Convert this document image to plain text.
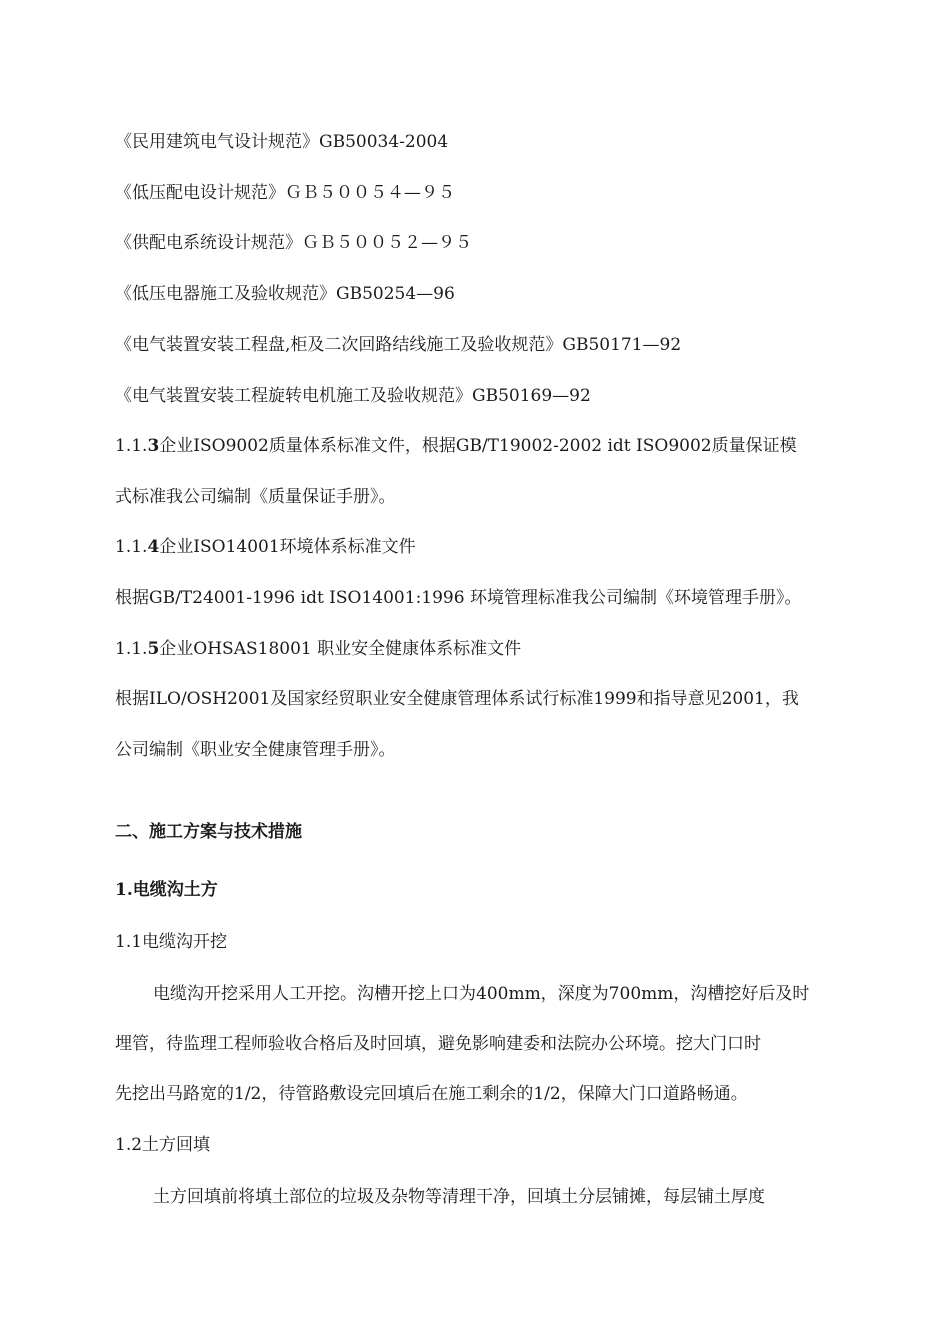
《民用建筑电气设计规范》GB50034-2004
《低压配电设计规范》ＧＢ５００５４—９５
《供配电系统设计规范》ＧＢ５００５２—９５
《低压电器施工及验收规范》GB50254—96
《电气装置安装工程盘,柜及二次回路结线施工及验收规范》GB50171—92
《电气装置安装工程旋转电机施工及验收规范》GB50169—92
1.1.3企业ISO9002质量体系标准文件，根据GB/T19002-2002 idt ISO9002质量保证模
式标准我公司编制《质量保证手册》。
1.1.4企业ISO14001环境体系标准文件
根据GB/T24001-1996 idt ISO14001:1996 环境管理标准我公司编制《环境管理手册》。
1.1.5企业OHSAS18001 职业安全健康体系标准文件
根据ILO/OSH2001及国家经贸职业安全健康管理体系试行标准1999和指导意见2001，我
公司编制《职业安全健康管理手册》。
二、施工方案与技术措施
1.电缆沟土方
1.1电缆沟开挖
电缆沟开挖采用人工开挖。沟槽开挖上口为400mm，深度为700mm，沟槽挖好后及时
埋管，待监理工程师验收合格后及时回填，避免影响建委和法院办公环境。挖大门口时
先挖出马路宽的1/2，待管路敷设完回填后在施工剩余的1/2，保障大门口道路畅通。
1.2土方回填
土方回填前将填土部位的垃圾及杂物等清理干净，回填土分层铺摊，每层铺土厚度
